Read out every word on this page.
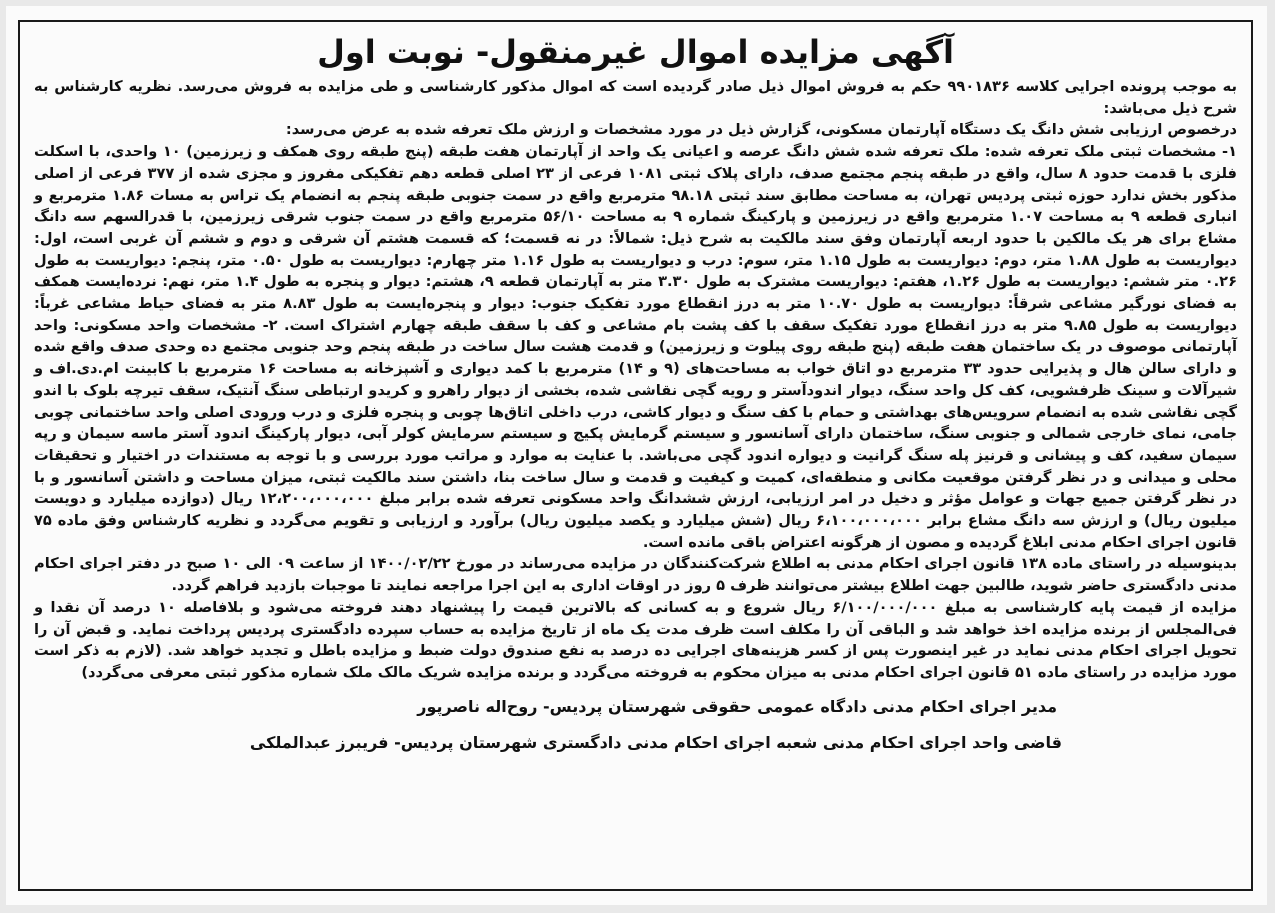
آگهی مزایده اموال غیرمنقول- نوبت اول

به موجب پرونده اجرایی کلاسه ۹۹۰۱۸۳۶ حکم به فروش اموال ذیل صادر گردیده است که اموال مذکور کارشناسی و طی مزایده به فروش می‌رسد. نظریه کارشناس به شرح ذیل می‌باشد:

درخصوص ارزیابی شش دانگ یک دستگاه آپارتمان مسکونی، گزارش ذیل در مورد مشخصات و ارزش ملک تعرفه شده به عرض می‌رسد:

۱- مشخصات ثبتی ملک تعرفه شده: ملک تعرفه شده شش دانگ عرصه و اعیانی یک واحد از آپارتمان هفت طبقه (پنج طبقه روی همکف و زیرزمین) ۱۰ واحدی، با اسکلت فلزی با قدمت حدود ۸ سال، واقع در طبقه پنجم مجتمع صدف، دارای پلاک ثبتی ۱۰۸۱ فرعی از ۲۳ اصلی قطعه دهم تفکیکی مفروز و مجزی شده از ۳۷۷ فرعی از اصلی مذکور بخش ندارد حوزه ثبتی پردیس تهران، به مساحت مطابق سند ثبتی ۹۸.۱۸ مترمربع واقع در سمت جنوبی طبقه پنجم به انضمام یک تراس به مسات ۱.۸۶ مترمربع و انباری قطعه ۹ به مساحت ۱.۰۷ مترمربع واقع در زیرزمین و پارکینگ شماره ۹ به مساحت ۵۶/۱۰ مترمربع واقع در سمت جنوب شرقی زیرزمین، با قدرالسهم سه دانگ مشاع برای هر یک مالکین با حدود اربعه آپارتمان وفق سند مالکیت به شرح ذیل: شمالاً: در نه قسمت؛ که قسمت هشتم آن شرقی و دوم و ششم آن غربی است، اول: دیواریست به طول ۱.۸۸ متر، دوم: دیواریست به طول ۱.۱۵ متر، سوم: درب و دیواریست به طول ۱.۱۶ متر چهارم: دیواریست به طول ۰.۵۰ متر، پنجم: دیواریست به طول ۰.۲۶ متر ششم: دیواریست به طول ۱.۲۶، هفتم: دیواریست مشترک به طول ۳.۳۰ متر به آپارتمان قطعه ۹، هشتم: دیوار و پنجره به طول ۱.۴ متر، نهم: نرده‌ایست همکف به فضای نورگیر مشاعی شرقاً: دیواریست به طول ۱۰.۷۰ متر به درز انقطاع مورد تفکیک جنوب: دیوار و پنجره‌ایست به طول ۸.۸۳ متر به فضای حیاط مشاعی غرباً: دیواریست به طول ۹.۸۵ متر به درز انقطاع مورد تفکیک سقف با کف پشت بام مشاعی و کف با سقف طبقه چهارم اشتراک است. ۲- مشخصات واحد مسکونی: واحد آپارتمانی موصوف در یک ساختمان هفت طبقه (پنج طبقه روی پیلوت و زیرزمین) و قدمت هشت سال ساخت در طبقه پنجم وحد جنوبی مجتمع ده وحدی صدف واقع شده و دارای سالن هال و پذیرایی حدود ۳۳ مترمربع دو اتاق خواب به مساحت‌های (۹ و ۱۴) مترمربع با کمد دیواری و آشپزخانه به مساحت ۱۶ مترمربع با کابینت ام.دی.اف و شیرآلات و سینک ظرفشویی، کف کل واحد سنگ، دیوار اندودآستر و رویه گچی نقاشی شده، بخشی از دیوار راهرو و کریدو ارتباطی سنگ آنتیک، سقف تیرچه بلوک با اندو گچی نقاشی شده به انضمام سرویس‌های بهداشتی و حمام با کف سنگ و دیوار کاشی، درب داخلی اتاق‌ها چوبی و پنجره فلزی و درب ورودی اصلی واحد ساختمانی چوبی جامی، نمای خارجی شمالی و جنوبی سنگ، ساختمان دارای آسانسور و سیستم گرمایش پکیج و سیستم سرمایش کولر آبی، دیوار پارکینگ اندود آستر ماسه سیمان و رپه سیمان سفید، کف و پیشانی و قرنیز پله سنگ گرانیت و دیواره اندود گچی می‌باشد. با عنایت به موارد و مراتب مورد بررسی و با توجه به مستندات در اختیار و تحقیقات محلی و میدانی و در نظر گرفتن موقعیت مکانی و منطقه‌ای، کمیت و کیفیت و قدمت و سال ساخت بنا، داشتن سند مالکیت ثبتی، میزان مساحت و داشتن آسانسور و با در نظر گرفتن جمیع جهات و عوامل مؤثر و دخیل در امر ارزیابی، ارزش ششدانگ واحد مسکونی تعرفه شده برابر مبلغ ۱۲،۲۰۰،۰۰۰،۰۰۰ ریال (دوازده میلیارد و دویست میلیون ریال) و ارزش سه دانگ مشاع برابر ۶،۱۰۰،۰۰۰،۰۰۰ ریال (شش میلیارد و یکصد میلیون ریال) برآورد و ارزیابی و تقویم می‌گردد و نظریه کارشناس وفق ماده ۷۵ قانون اجرای احکام مدنی ابلاغ گردیده و مصون از هرگونه اعتراض باقی مانده است.

بدینوسیله در راستای ماده ۱۳۸ قانون اجرای احکام مدنی به اطلاع شرکت‌کنندگان در مزایده می‌رساند در مورخ ۱۴۰۰/۰۲/۲۲ از ساعت ۰۹ الی ۱۰ صبح در دفتر اجرای احکام مدنی دادگستری حاضر شوید، طالبین جهت اطلاع بیشتر می‌توانند ظرف ۵ روز در اوقات اداری به این اجرا مراجعه نمایند تا موجبات بازدید فراهم گردد.

مزایده از قیمت پایه کارشناسی به مبلغ ۶/۱۰۰/۰۰۰/۰۰۰ ریال شروع و به کسانی که بالاترین قیمت را پیشنهاد دهند فروخته می‌شود و بلافاصله ۱۰ درصد آن نقدا و فی‌المجلس از برنده مزایده اخذ خواهد شد و الباقی آن را مکلف است ظرف مدت یک ماه از تاریخ مزایده به حساب سپرده دادگستری پردیس پرداخت نماید. و قبض آن را تحویل اجرای احکام مدنی نماید در غیر اینصورت پس از کسر هزینه‌های اجرایی ده درصد به نفع صندوق دولت ضبط و مزایده باطل و تجدید خواهد شد. (لازم به ذکر است مورد مزایده در راستای ماده ۵۱ قانون اجرای احکام مدنی به میزان محکوم به فروخته می‌گردد و برنده مزایده شریک مالک ملک شماره مذکور ثبتی معرفی می‌گردد)

مدیر اجرای احکام مدنی دادگاه عمومی حقوقی شهرستان پردیس- روح‌اله ناصرپور
قاضی واحد اجرای احکام مدنی شعبه اجرای احکام مدنی دادگستری شهرستان پردیس- فریبرز عبدالملکی
